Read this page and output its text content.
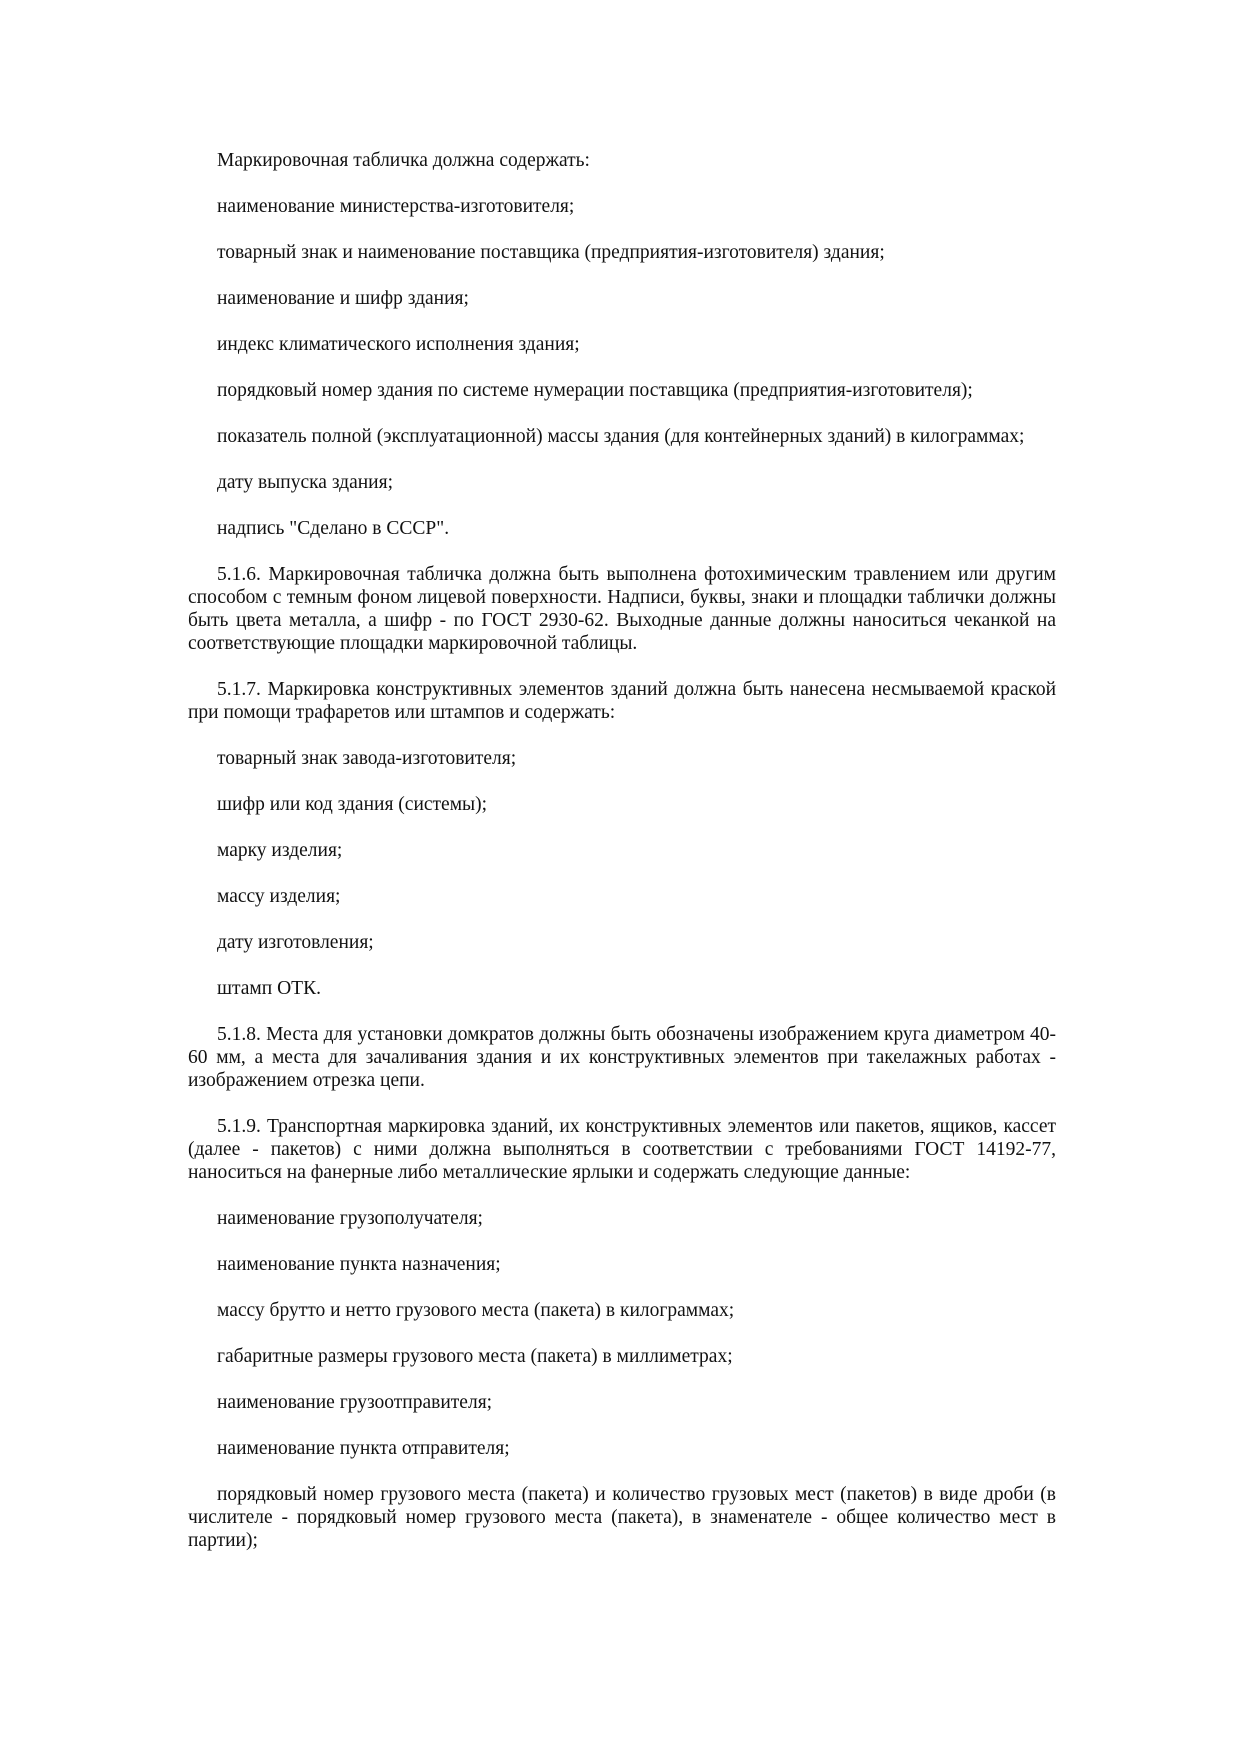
Маркировочная табличка должна содержать:

наименование министерства-изготовителя;

товарный знак и наименование поставщика (предприятия-изготовителя) здания;

наименование и шифр здания;

индекс климатического исполнения здания;

порядковый номер здания по системе нумерации поставщика (предприятия-изготовителя);

показатель полной (эксплуатационной) массы здания (для контейнерных зданий) в килограммах;

дату выпуска здания;

надпись "Сделано в СССР".

5.1.6. Маркировочная табличка должна быть выполнена фотохимическим травлением или другим способом с темным фоном лицевой поверхности. Надписи, буквы, знаки и площадки таблички должны быть цвета металла, а шифр - по ГОСТ 2930-62. Выходные данные должны наноситься чеканкой на соответствующие площадки маркировочной таблицы.

5.1.7. Маркировка конструктивных элементов зданий должна быть нанесена несмываемой краской при помощи трафаретов или штампов и содержать:

товарный знак завода-изготовителя;

шифр или код здания (системы);

марку изделия;

массу изделия;

дату изготовления;

штамп ОТК.

5.1.8. Места для установки домкратов должны быть обозначены изображением круга диаметром 40-60 мм, а места для зачаливания здания и их конструктивных элементов при такелажных работах - изображением отрезка цепи.

5.1.9. Транспортная маркировка зданий, их конструктивных элементов или пакетов, ящиков, кассет (далее - пакетов) с ними должна выполняться в соответствии с требованиями ГОСТ 14192-77, наноситься на фанерные либо металлические ярлыки и содержать следующие данные:

наименование грузополучателя;

наименование пункта назначения;

массу брутто и нетто грузового места (пакета) в килограммах;

габаритные размеры грузового места (пакета) в миллиметрах;

наименование грузоотправителя;

наименование пункта отправителя;

порядковый номер грузового места (пакета) и количество грузовых мест (пакетов) в виде дроби (в числителе - порядковый номер грузового места (пакета), в знаменателе - общее количество мест в партии);
